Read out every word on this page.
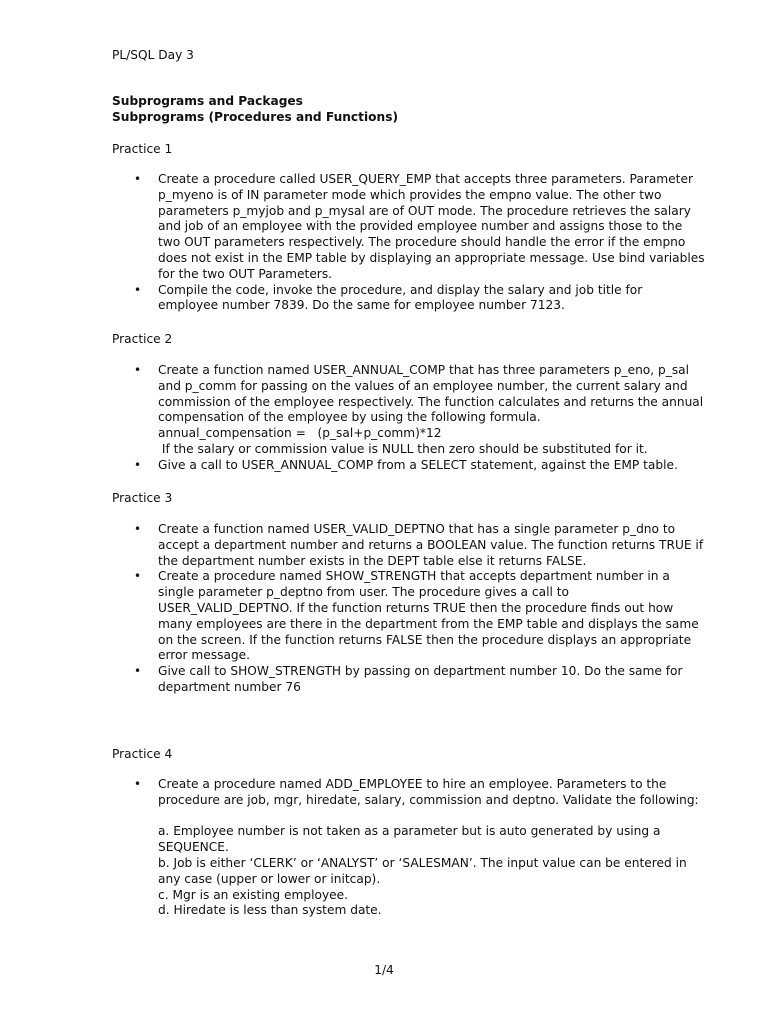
PL/SQL Day 3
Subprograms and Packages
Subprograms (Procedures and Functions)
Practice 1
• Create a procedure called USER_QUERY_EMP that accepts three parameters. Parameter
p_myeno is of IN parameter mode which provides the empno value. The other two
parameters p_myjob and p_mysal are of OUT mode. The procedure retrieves the salary
and job of an employee with the provided employee number and assigns those to the
two OUT parameters respectively. The procedure should handle the error if the empno
does not exist in the EMP table by displaying an appropriate message. Use bind variables
for the two OUT Parameters.
• Compile the code, invoke the procedure, and display the salary and job title for
employee number 7839. Do the same for employee number 7123.
Practice 2
• Create a function named USER_ANNUAL_COMP that has three parameters p_eno, p_sal
and p_comm for passing on the values of an employee number, the current salary and
commission of the employee respectively. The function calculates and returns the annual
compensation of the employee by using the following formula.
annual_compensation =   (p_sal+p_comm)*12
If the salary or commission value is NULL then zero should be substituted for it.
• Give a call to USER_ANNUAL_COMP from a SELECT statement, against the EMP table.
Practice 3
• Create a function named USER_VALID_DEPTNO that has a single parameter p_dno to
accept a department number and returns a BOOLEAN value. The function returns TRUE if
the department number exists in the DEPT table else it returns FALSE.
• Create a procedure named SHOW_STRENGTH that accepts department number in a
single parameter p_deptno from user. The procedure gives a call to
USER_VALID_DEPTNO. If the function returns TRUE then the procedure finds out how
many employees are there in the department from the EMP table and displays the same
on the screen. If the function returns FALSE then the procedure displays an appropriate
error message.
• Give call to SHOW_STRENGTH by passing on department number 10. Do the same for
department number 76
Practice 4
• Create a procedure named ADD_EMPLOYEE to hire an employee. Parameters to the
procedure are job, mgr, hiredate, salary, commission and deptno. Validate the following:
a. Employee number is not taken as a parameter but is auto generated by using a
SEQUENCE.
b. Job is either ‘CLERK’ or ‘ANALYST’ or ‘SALESMAN’. The input value can be entered in
any case (upper or lower or initcap).
c. Mgr is an existing employee.
d. Hiredate is less than system date.
1/4
